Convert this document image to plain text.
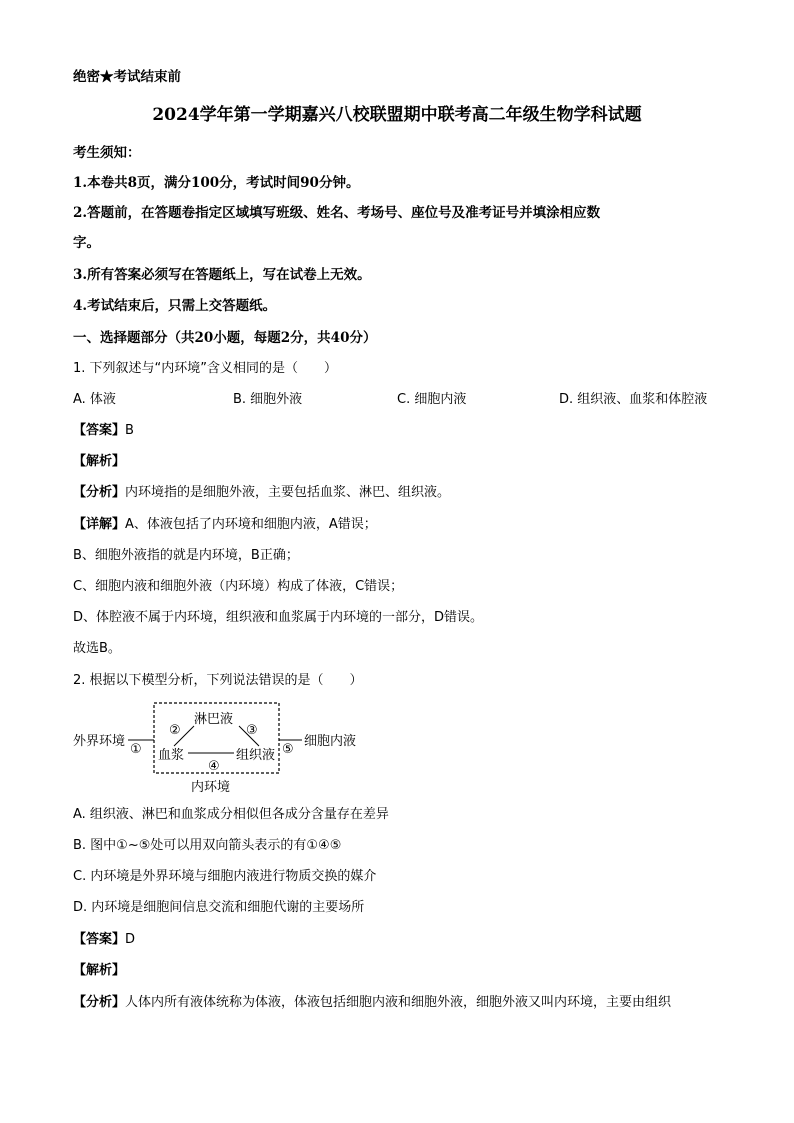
绝密★考试结束前
2024学年第一学期嘉兴八校联盟期中联考高二年级生物学科试题
考生须知：
1.本卷共8页，满分100分，考试时间90分钟。
2.答题前，在答题卷指定区域填写班级、姓名、考场号、座位号及准考证号并填涂相应数
字。
3.所有答案必须写在答题纸上，写在试卷上无效。
4.考试结束后，只需上交答题纸。
一、选择题部分（共20小题，每题2分，共40分）
1. 下列叙述与“内环境”含义相同的是（　　）
A. 体液	B. 细胞外液	C. 细胞内液	D. 组织液、血浆和体腔液
【答案】B
【解析】
【分析】内环境指的是细胞外液，主要包括血浆、淋巴、组织液。
【详解】A、体液包括了内环境和细胞内液，A错误；
B、细胞外液指的就是内环境，B正确；
C、细胞内液和细胞外液（内环境）构成了体液，C错误；
D、体腔液不属于内环境，组织液和血浆属于内环境的一部分，D错误。
故选B。
2. 根据以下模型分析，下列说法错误的是（　　）
外界环境
①
淋巴液
②	③
血浆	组织液
④
⑤
细胞内液
内环境
A. 组织液、淋巴和血浆成分相似但各成分含量存在差异
B. 图中①~⑤处可以用双向箭头表示的有①④⑤
C. 内环境是外界环境与细胞内液进行物质交换的媒介
D. 内环境是细胞间信息交流和细胞代谢的主要场所
【答案】D
【解析】
【分析】人体内所有液体统称为体液，体液包括细胞内液和细胞外液，细胞外液又叫内环境，主要由组织
